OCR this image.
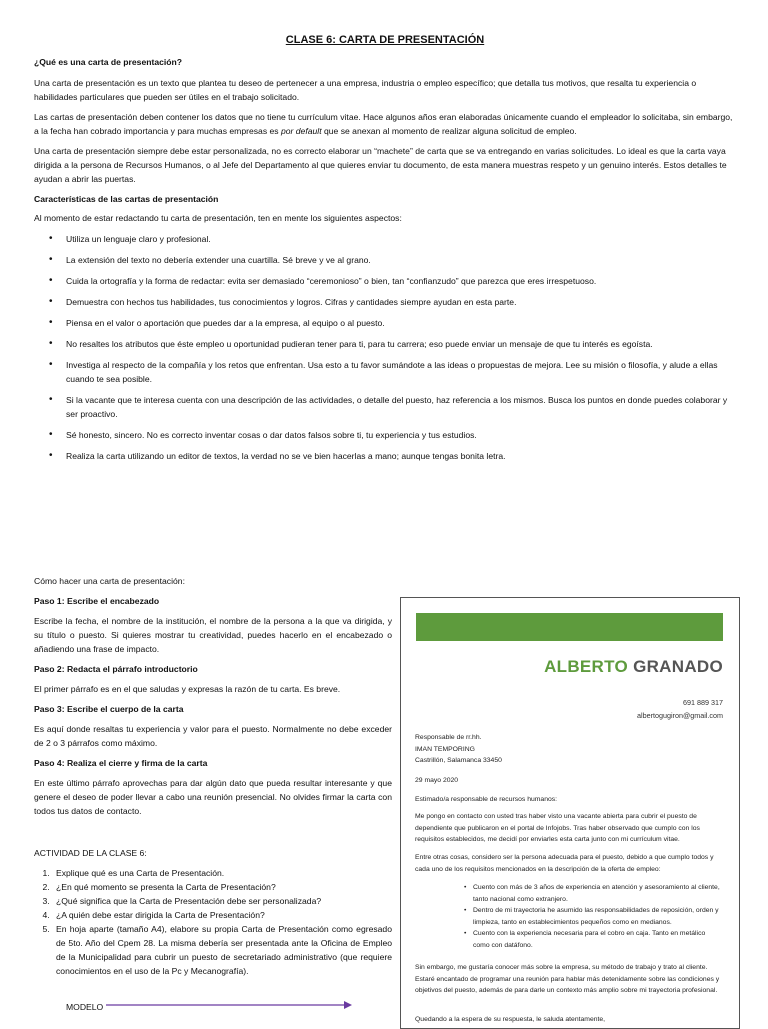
CLASE 6: CARTA DE PRESENTACIÓN

¿Qué es una carta de presentación?

Una carta de presentación es un texto que plantea tu deseo de pertenecer a una empresa, industria o empleo específico; que detalla tus motivos, que resalta tu experiencia o habilidades particulares que pueden ser útiles en el trabajo solicitado.

Las cartas de presentación deben contener los datos que no tiene tu currículum vitae. Hace algunos años eran elaboradas únicamente cuando el empleador lo solicitaba, sin embargo, a la fecha han cobrado importancia y para muchas empresas es por default que se anexan al momento de realizar alguna solicitud de empleo.

Una carta de presentación siempre debe estar personalizada, no es correcto elaborar un “machete” de carta que se va entregando en varias solicitudes. Lo ideal es que la carta vaya dirigida a la persona de Recursos Humanos, o al Jefe del Departamento al que quieres enviar tu documento, de esta manera muestras respeto y un genuino interés. Estos detalles te ayudan a abrir las puertas.

Características de las cartas de presentación

Al momento de estar redactando tu carta de presentación, ten en mente los siguientes aspectos:

• Utiliza un lenguaje claro y profesional.
• La extensión del texto no debería extender una cuartilla. Sé breve y ve al grano.
• Cuida la ortografía y la forma de redactar: evita ser demasiado “ceremonioso” o bien, tan “confianzudo” que parezca que eres irrespetuoso.
• Demuestra con hechos tus habilidades, tus conocimientos y logros. Cifras y cantidades siempre ayudan en esta parte.
• Piensa en el valor o aportación que puedes dar a la empresa, al equipo o al puesto.
• No resaltes los atributos que éste empleo u oportunidad pudieran tener para ti, para tu carrera; eso puede enviar un mensaje de que tu interés es egoísta.
• Investiga al respecto de la compañía y los retos que enfrentan. Usa esto a tu favor sumándote a las ideas o propuestas de mejora. Lee su misión o filosofía, y alude a ellas cuando te sea posible.
• Si la vacante que te interesa cuenta con una descripción de las actividades, o detalle del puesto, haz referencia a los mismos. Busca los puntos en donde puedes colaborar y ser proactivo.
• Sé honesto, sincero. No es correcto inventar cosas o dar datos falsos sobre ti, tu experiencia y tus estudios.
• Realiza la carta utilizando un editor de textos, la verdad no se ve bien hacerlas a mano; aunque tengas bonita letra.

Cómo hacer una carta de presentación:

Paso 1: Escribe el encabezado

Escribe la fecha, el nombre de la institución, el nombre de la persona a la que va dirigida, y su título o puesto. Si quieres mostrar tu creatividad, puedes hacerlo en el encabezado o añadiendo una frase de impacto.

Paso 2: Redacta el párrafo introductorio

El primer párrafo es en el que saludas y expresas la razón de tu carta. Es breve.

Paso 3: Escribe el cuerpo de la carta

Es aquí donde resaltas tu experiencia y valor para el puesto. Normalmente no debe exceder de 2 o 3 párrafos como máximo.

Paso 4: Realiza el cierre y firma de la carta

En este último párrafo aprovechas para dar algún dato que pueda resultar interesante y que genere el deseo de poder llevar a cabo una reunión presencial. No olvides firmar la carta con todos tus datos de contacto.

ACTIVIDAD DE LA CLASE 6:

1. Explique qué es una Carta de Presentación.
2. ¿En qué momento se presenta la Carta de Presentación?
3. ¿Qué significa que la Carta de Presentación debe ser personalizada?
4. ¿A quién debe estar dirigida la Carta de Presentación?
5. En hoja aparte (tamaño A4), elabore su propia Carta de Presentación como egresado de 5to. Año del Cpem 28. La misma debería ser presentada ante la Oficina de Empleo de la Municipalidad para cubrir un puesto de secretariado administrativo (que requiere conocimientos en el uso de la Pc y Mecanografía).
MODELO
ALBERTO GRANADO
691 889 317
albertogugiron@gmail.com
Responsable de rr.hh.
IMAN TEMPORING
Castrillón, Salamanca 33450
29 mayo 2020
Estimado/a responsable de recursos humanos:
Me pongo en contacto con usted tras haber visto una vacante abierta para cubrir el puesto de dependiente que publicaron en el portal de Infojobs. Tras haber observado que cumplo con los requisitos establecidos, me decidí por enviarles esta carta junto con mi currículum vitae.
Entre otras cosas, considero ser la persona adecuada para el puesto, debido a que cumplo todos y cada uno de los requisitos mencionados en la descripción de la oferta de empleo:
• Cuento con más de 3 años de experiencia en atención y asesoramiento al cliente, tanto nacional como extranjero.
• Dentro de mi trayectoria he asumido las responsabilidades de reposición, orden y limpieza, tanto en establecimientos pequeños como en medianos.
• Cuento con la experiencia necesaria para el cobro en caja. Tanto en metálico como con datáfono.
Sin embargo, me gustaría conocer más sobre la empresa, su método de trabajo y trato al cliente. Estaré encantado de programar una reunión para hablar más detenidamente sobre las condiciones y objetivos del puesto, además de para darle un contexto más amplio sobre mi trayectoria profesional.
Quedando a la espera de su respuesta, le saluda atentamente,
